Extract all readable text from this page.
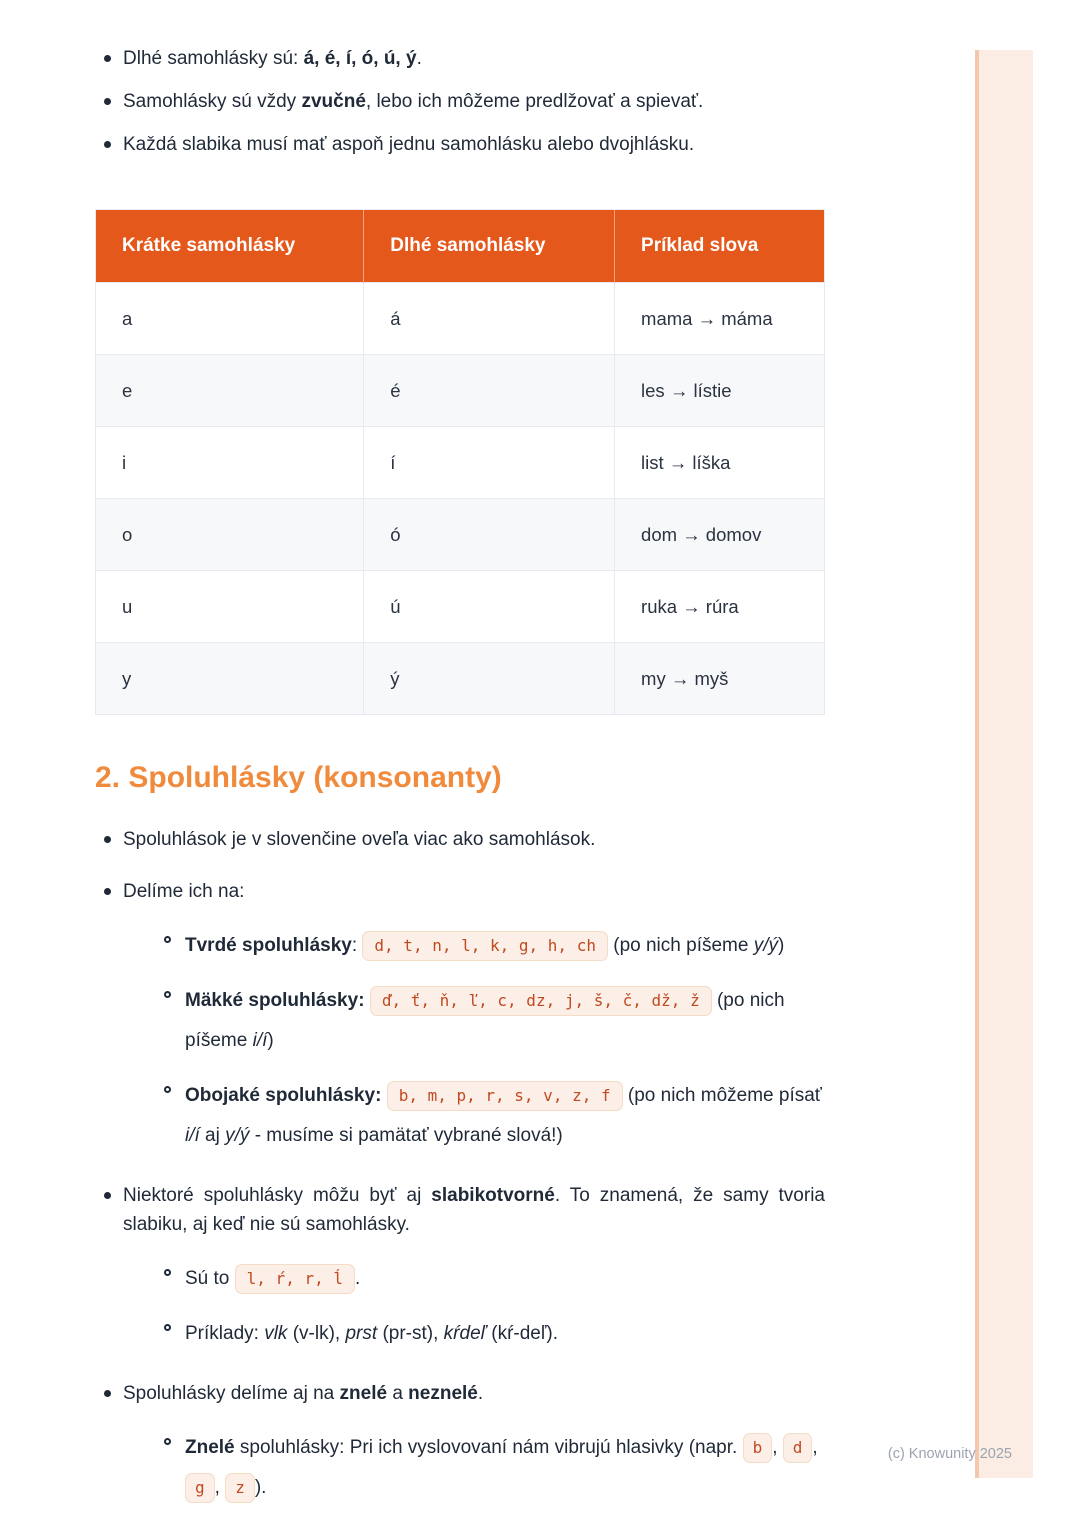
Dlhé samohlásky sú: á, é, í, ó, ú, ý.
Samohlásky sú vždy zvučné, lebo ich môžeme predlžovať a spievať.
Každá slabika musí mať aspoň jednu samohlásku alebo dvojhlásku.
Krátke samohlásky	Dlhé samohlásky	Príklad slova
a	á	mama → máma
e	é	les → lístie
i	í	list → líška
o	ó	dom → domov
u	ú	ruka → rúra
y	ý	my → myš
2. Spoluhlásky (konsonanty)
Spoluhlások je v slovenčine oveľa viac ako samohlások.
Delíme ich na:
Tvrdé spoluhlásky: d, t, n, l, k, g, h, ch (po nich píšeme y/ý)
Mäkké spoluhlásky: ď, ť, ň, ľ, c, dz, j, š, č, dž, ž (po nich píšeme i/í)
Obojaké spoluhlásky: b, m, p, r, s, v, z, f (po nich môžeme písať i/í aj y/ý - musíme si pamätať vybrané slová!)
Niektoré spoluhlásky môžu byť aj slabikotvorné. To znamená, že samy tvoria slabiku, aj keď nie sú samohlásky.
Sú to l, ŕ, r, ĺ .
Príklady: vlk (v-lk), prst (pr-st), kŕdeľ (kŕ-deľ).
Spoluhlásky delíme aj na znelé a neznelé.
Znelé spoluhlásky: Pri ich vyslovovaní nám vibrujú hlasivky (napr. b , d , g , z ).
(c) Knowunity 2025
